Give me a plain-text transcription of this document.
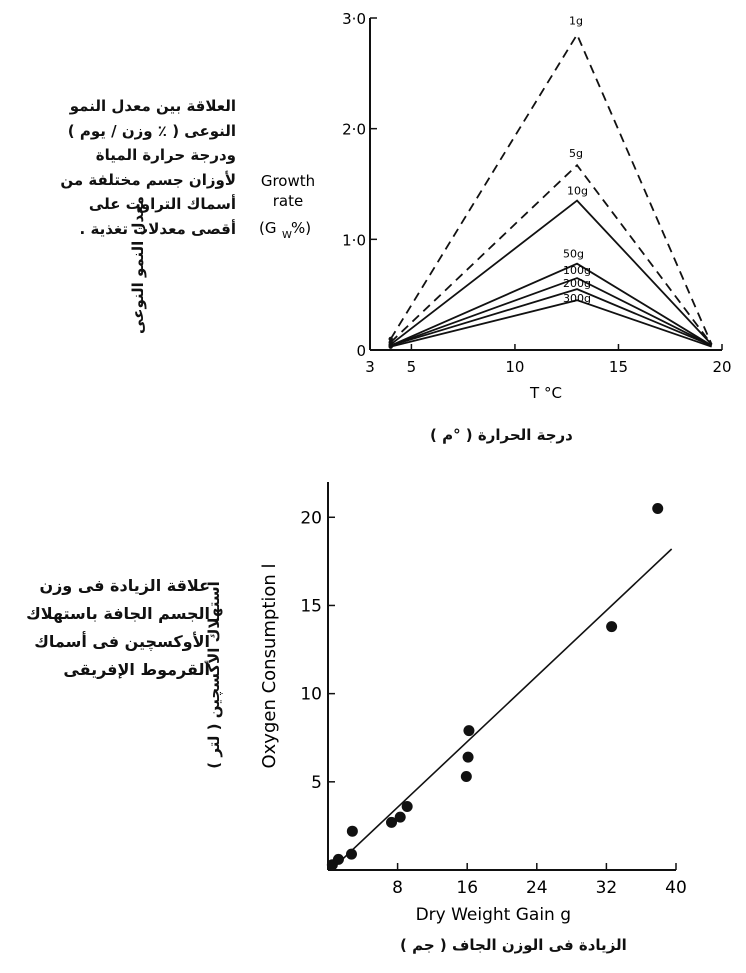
0
1·0
2·0
3·0
3 5	10	15	20
T °C
Growth
rate
(G W %)
1g
5g
10g
50g
100g
200g
300g
5
10
15
20
8	16	24	32	40
Dry Weight Gain g
Oxygen Consumption l
العلاقة بين معدل النمو النوعى ( ٪ وزن / يوم ) ودرجة حرارة المياة لأوزان جسم مختلفة من أسماك التراوت على أقصى معدلات تغذية .
معدل النمو النوعى
درجة الحرارة ( °م )
علاقة الزيادة فى وزن الجسم الجافة باستهلاك الأوكسچين فى أسماك القرموط الإفريقى
استهلاك الأكسچين ( لتر )
الزيادة فى الوزن الجاف ( جم )
